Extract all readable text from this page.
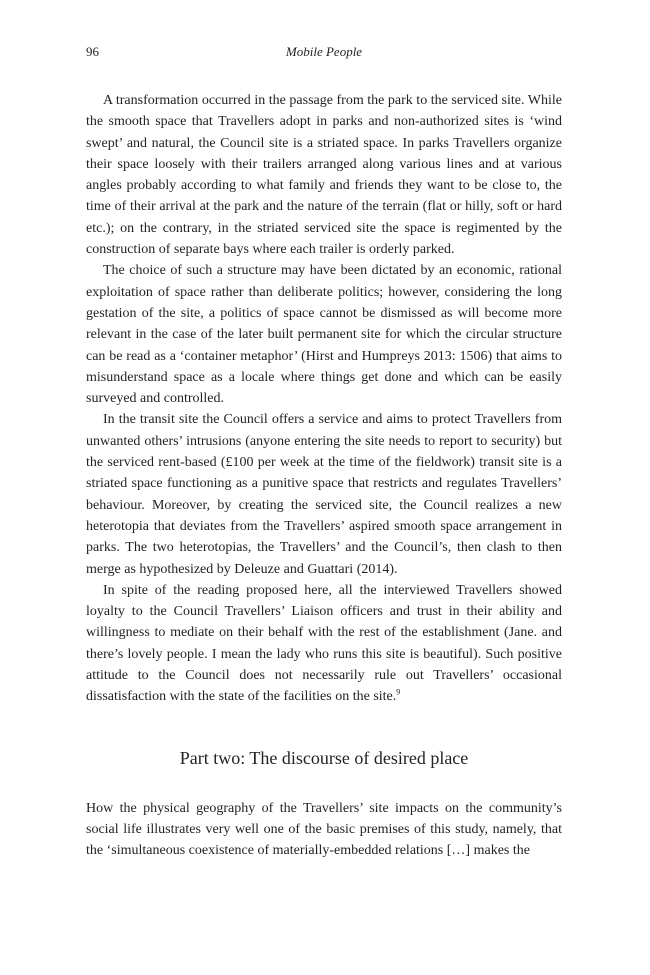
96	Mobile People

A transformation occurred in the passage from the park to the serviced site. While the smooth space that Travellers adopt in parks and non-authorized sites is ‘wind swept’ and natural, the Council site is a striated space. In parks Travellers organize their space loosely with their trailers arranged along various lines and at various angles probably according to what family and friends they want to be close to, the time of their arrival at the park and the nature of the terrain (flat or hilly, soft or hard etc.); on the contrary, in the striated serviced site the space is regimented by the construction of separate bays where each trailer is orderly parked.

The choice of such a structure may have been dictated by an economic, rational exploitation of space rather than deliberate politics; however, considering the long gestation of the site, a politics of space cannot be dismissed as will become more relevant in the case of the later built permanent site for which the circular structure can be read as a ‘container metaphor’ (Hirst and Humpreys 2013: 1506) that aims to misunderstand space as a locale where things get done and which can be easily surveyed and controlled.

In the transit site the Council offers a service and aims to protect Travellers from unwanted others’ intrusions (anyone entering the site needs to report to security) but the serviced rent-based (£100 per week at the time of the fieldwork) transit site is a striated space functioning as a punitive space that restricts and regulates Travellers’ behaviour. Moreover, by creating the serviced site, the Council realizes a new heterotopia that deviates from the Travellers’ aspired smooth space arrangement in parks. The two heterotopias, the Travellers’ and the Council’s, then clash to then merge as hypothesized by Deleuze and Guattari (2014).

In spite of the reading proposed here, all the interviewed Travellers showed loyalty to the Council Travellers’ Liaison officers and trust in their ability and willingness to mediate on their behalf with the rest of the establishment (Jane. and there’s lovely people. I mean the lady who runs this site is beautiful). Such positive attitude to the Council does not necessarily rule out Travellers’ occasional dissatisfaction with the state of the facilities on the site.$^9$

Part two: The discourse of desired place

How the physical geography of the Travellers’ site impacts on the community’s social life illustrates very well one of the basic premises of this study, namely, that the ‘simultaneous coexistence of materially-embedded relations […] makes the
